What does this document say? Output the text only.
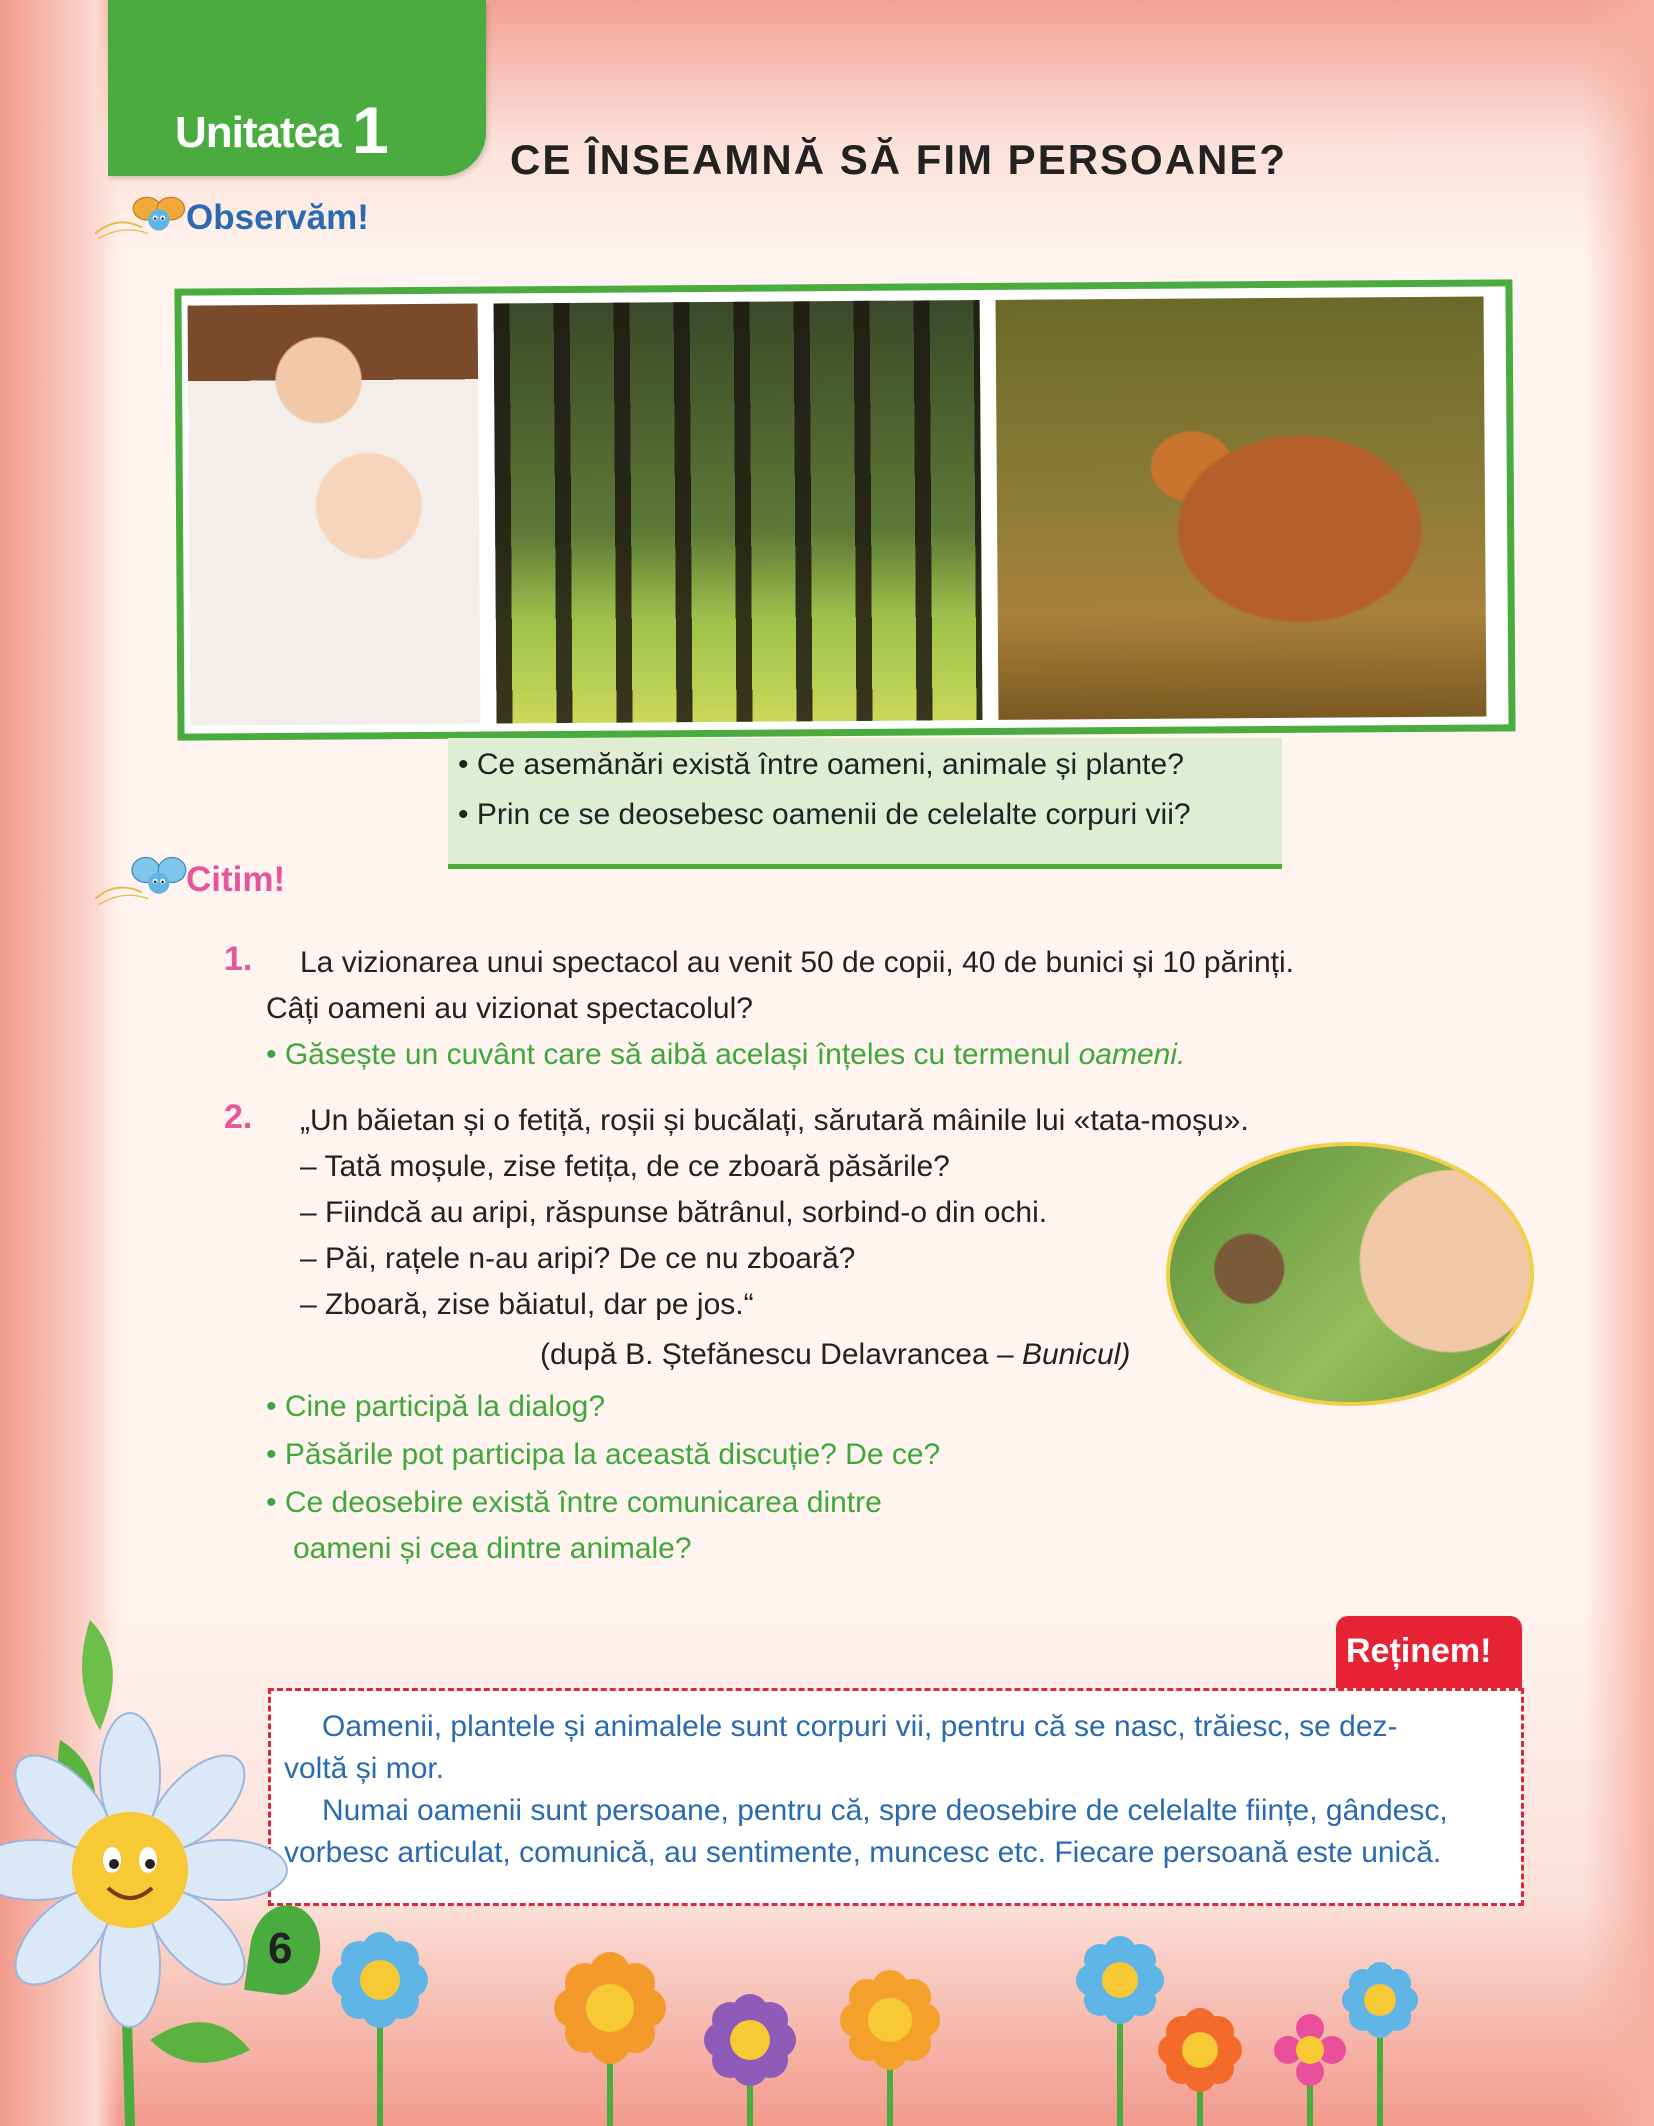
Unitatea 1	CE ÎNSEAMNĂ SĂ FIM PERSOANE?
Observăm!
• Ce asemănări există între oameni, animale și plante?
• Prin ce se deosebesc oamenii de celelalte corpuri vii?
Citim!
1. La vizionarea unui spectacol au venit 50 de copii, 40 de bunici și 10 părinți.
Câți oameni au vizionat spectacolul?
• Găsește un cuvânt care să aibă același înțeles cu termenul oameni.
2. „Un băietan și o fetiță, roșii și bucălați, sărutară mâinile lui «tata-moșu».
– Tată moșule, zise fetița, de ce zboară păsările?
– Fiindcă au aripi, răspunse bătrânul, sorbind-o din ochi.
– Păi, rațele n-au aripi? De ce nu zboară?
– Zboară, zise băiatul, dar pe jos.“
(după B. Ștefănescu Delavrancea – Bunicul)
• Cine participă la dialog?
• Păsările pot participa la această discuție? De ce?
• Ce deosebire există între comunicarea dintre
oameni și cea dintre animale?
Reținem!
Oamenii, plantele și animalele sunt corpuri vii, pentru că se nasc, trăiesc, se dez-
voltă și mor.
Numai oamenii sunt persoane, pentru că, spre deosebire de celelalte ființe, gândesc,
vorbesc articulat, comunică, au sentimente, muncesc etc. Fiecare persoană este unică.
6
